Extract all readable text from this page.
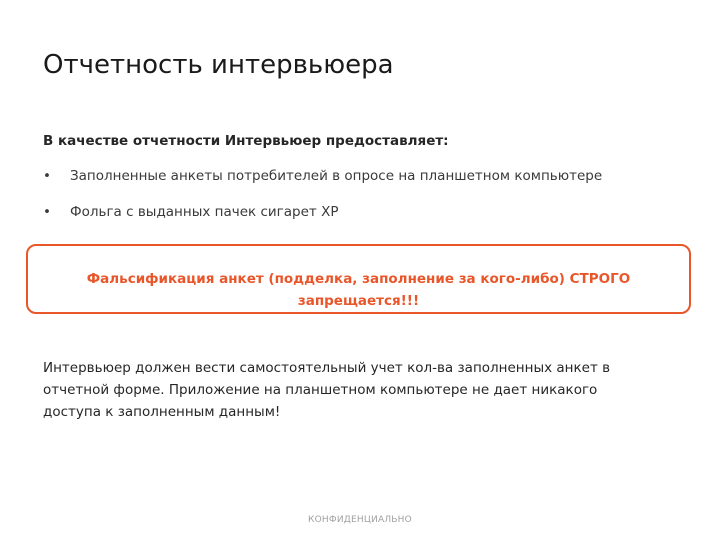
Отчетность интервьюера
В качестве отчетности Интервьюер предоставляет:
• Заполненные анкеты потребителей в опросе на планшетном компьютере
• Фольга с выданных пачек сигарет XP
Фальсификация анкет (подделка, заполнение за кого-либо) СТРОГО
запрещается!!!
Интервьюер должен вести самостоятельный учет кол-ва заполненных анкет в
отчетной форме. Приложение на планшетном компьютере не дает никакого
доступа к заполненным данным!
КОНФИДЕНЦИАЛЬНО
